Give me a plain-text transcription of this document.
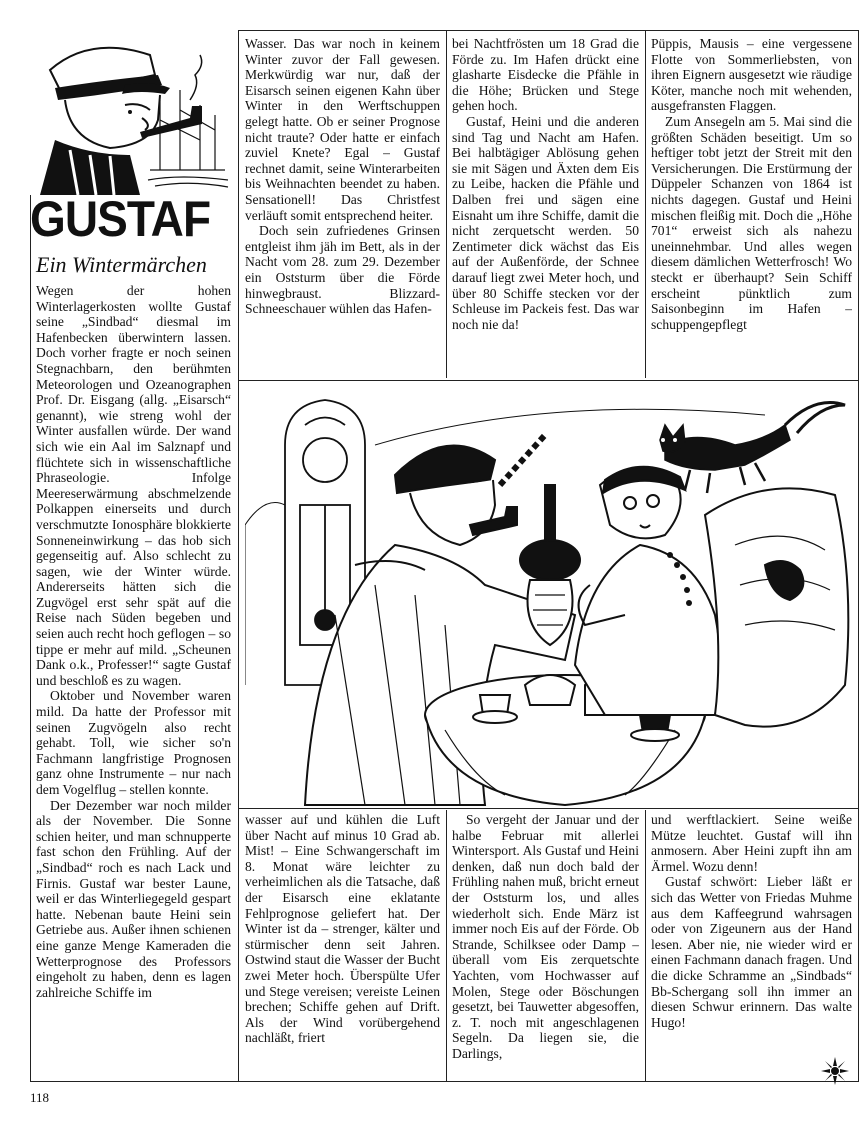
GUSTAF
Ein Wintermärchen

Wegen der hohen Winterlagerkosten wollte Gustaf seine „Sindbad“ diesmal im Hafenbecken überwintern lassen. Doch vorher fragte er noch seinen Stegnachbarn, den berühmten Meteorologen und Ozeanographen Prof. Dr. Eisgang (allg. „Eisarsch“ genannt), wie streng wohl der Winter ausfallen würde. Der wand sich wie ein Aal im Salznapf und flüchtete sich in wissenschaftliche Phraseologie. Infolge Meereserwärmung abschmelzende Polkappen einerseits und durch verschmutzte Ionosphäre blokkierte Sonneneinwirkung – das hob sich gegenseitig auf. Also schlecht zu sagen, wie der Winter würde. Andererseits hätten sich die Zugvögel erst sehr spät auf die Reise nach Süden begeben und seien auch recht hoch geflogen – so tippe er mehr auf mild. „Scheunen Dank o.k., Professer!“ sagte Gustaf und beschloß es zu wagen.

Oktober und November waren mild. Da hatte der Professor mit seinen Zugvögeln also recht gehabt. Toll, wie sicher so'n Fachmann langfristige Prognosen ganz ohne Instrumente – nur nach dem Vogelflug – stellen konnte.

Der Dezember war noch milder als der November. Die Sonne schien heiter, und man schnupperte fast schon den Frühling. Auf der „Sindbad“ roch es nach Lack und Firnis. Gustaf war bester Laune, weil er das Winterliegegeld gespart hatte. Nebenan baute Heini sein Getriebe aus. Außer ihnen schienen eine ganze Menge Kameraden die Wetterprognose des Professors eingeholt zu haben, denn es lagen zahlreiche Schiffe im

Wasser. Das war noch in keinem Winter zuvor der Fall gewesen. Merkwürdig war nur, daß der Eisarsch seinen eigenen Kahn über Winter in den Werftschuppen gelegt hatte. Ob er seiner Prognose nicht traute? Oder hatte er einfach zuviel Knete? Egal – Gustaf rechnet damit, seine Winterarbeiten bis Weihnachten beendet zu haben. Sensationell! Das Christfest verläuft somit entsprechend heiter.

Doch sein zufriedenes Grinsen entgleist ihm jäh im Bett, als in der Nacht vom 28. zum 29. Dezember ein Oststurm über die Förde hinwegbraust. Blizzard-Schneeschauer wühlen das Hafen-

bei Nachtfrösten um 18 Grad die Förde zu. Im Hafen drückt eine glasharte Eisdecke die Pfähle in die Höhe; Brücken und Stege gehen hoch.

Gustaf, Heini und die anderen sind Tag und Nacht am Hafen. Bei halbtägiger Ablösung gehen sie mit Sägen und Äxten dem Eis zu Leibe, hacken die Pfähle und Dalben frei und sägen eine Eisnaht um ihre Schiffe, damit die nicht zerquetscht werden. 50 Zentimeter dick wächst das Eis auf der Außenförde, der Schnee darauf liegt zwei Meter hoch, und über 80 Schiffe stecken vor der Schleuse im Packeis fest. Das war noch nie da!

Püppis, Mausis – eine vergessene Flotte von Sommerliebsten, von ihren Eignern ausgesetzt wie räudige Köter, manche noch mit wehenden, ausgefransten Flaggen.

Zum Ansegeln am 5. Mai sind die größten Schäden beseitigt. Um so heftiger tobt jetzt der Streit mit den Versicherungen. Die Erstürmung der Düppeler Schanzen von 1864 ist nichts dagegen. Gustaf und Heini mischen fleißig mit. Doch die „Höhe 701“ erweist sich als nahezu uneinnehmbar. Und alles wegen diesem dämlichen Wetterfrosch! Wo steckt er überhaupt? Sein Schiff erscheint pünktlich zum Saisonbeginn im Hafen – schuppengepflegt

wasser auf und kühlen die Luft über Nacht auf minus 10 Grad ab. Mist! – Eine Schwangerschaft im 8. Monat wäre leichter zu verheimlichen als die Tatsache, daß der Eisarsch eine eklatante Fehlprognose geliefert hat. Der Winter ist da – strenger, kälter und stürmischer denn seit Jahren. Ostwind staut die Wasser der Bucht zwei Meter hoch. Überspülte Ufer und Stege vereisen; vereiste Leinen brechen; Schiffe gehen auf Drift. Als der Wind vorübergehend nachläßt, friert

So vergeht der Januar und der halbe Februar mit allerlei Wintersport. Als Gustaf und Heini denken, daß nun doch bald der Frühling nahen muß, bricht erneut der Oststurm los, und alles wiederholt sich. Ende März ist immer noch Eis auf der Förde. Ob Strande, Schilksee oder Damp – überall vom Eis zerquetschte Yachten, vom Hochwasser auf Molen, Stege oder Böschungen gesetzt, bei Tauwetter abgesoffen, z. T. noch mit angeschlagenen Segeln. Da liegen sie, die Darlings,

und werftlackiert. Seine weiße Mütze leuchtet. Gustaf will ihn anmosern. Aber Heini zupft ihn am Ärmel. Wozu denn!

Gustaf schwört: Lieber läßt er sich das Wetter von Friedas Muhme aus dem Kaffeegrund wahrsagen oder von Zigeunern aus der Hand lesen. Aber nie, nie wieder wird er einen Fachmann danach fragen. Und die dicke Schramme an „Sindbads“ Bb-Schergang soll ihn immer an diesen Schwur erinnern. Das walte Hugo!

118
